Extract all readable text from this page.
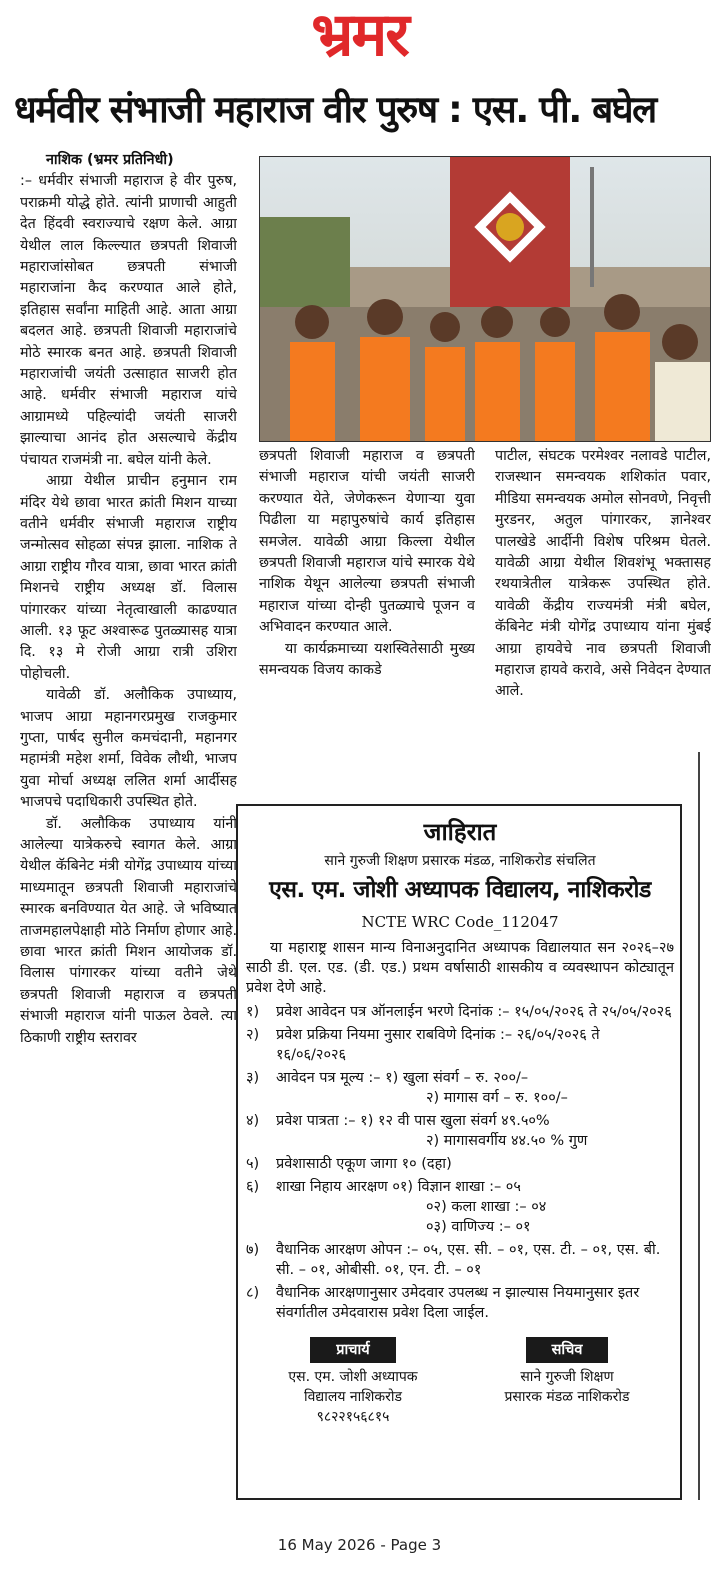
भ्रमर
धर्मवीर संभाजी महाराज वीर पुरुष : एस. पी. बघेल

नाशिक (भ्रमर प्रतिनिधी)

:– धर्मवीर संभाजी महाराज हे वीर पुरुष, पराक्रमी योद्धे होते. त्यांनी प्राणाची आहुती देत हिंदवी स्वराज्याचे रक्षण केले. आग्रा येथील लाल किल्ल्यात छत्रपती शिवाजी महाराजांसोबत छत्रपती संभाजी महाराजांना कैद करण्यात आले होते, इतिहास सर्वांना माहिती आहे. आता आग्रा बदलत आहे. छत्रपती शिवाजी महाराजांचे मोठे स्मारक बनत आहे. छत्रपती शिवाजी महाराजांची जयंती उत्साहात साजरी होत आहे. धर्मवीर संभाजी महाराज यांचे आग्रामध्ये पहिल्यांदी जयंती साजरी झाल्याचा आनंद होत असल्याचे केंद्रीय पंचायत राजमंत्री ना. बघेल यांनी केले.

आग्रा येथील प्राचीन हनुमान राम मंदिर येथे छावा भारत क्रांती मिशन याच्या वतीने धर्मवीर संभाजी महाराज राष्ट्रीय जन्मोत्सव सोहळा संपन्न झाला. नाशिक ते आग्रा राष्ट्रीय गौरव यात्रा, छावा भारत क्रांती मिशनचे राष्ट्रीय अध्यक्ष डॉ. विलास पांगारकर यांच्या नेतृत्वाखाली काढण्यात आली. १३ फूट अश्वारूढ पुतळ्यासह यात्रा दि. १३ मे रोजी आग्रा रात्री उशिरा पोहोचली.

यावेळी डॉ. अलौकिक उपाध्याय, भाजप आग्रा महानगरप्रमुख राजकुमार गुप्ता, पार्षद सुनील कमचंदानी, महानगर महामंत्री महेश शर्मा, विवेक लौथी, भाजप युवा मोर्चा अध्यक्ष ललित शर्मा आर्दीसह भाजपचे पदाधिकारी उपस्थित होते.

डॉ. अलौकिक उपाध्याय यांनी आलेल्या यात्रेकरुचे स्वागत केले. आग्रा येथील कॅबिनेट मंत्री योगेंद्र उपाध्याय यांच्या माध्यमातून छत्रपती शिवाजी महाराजांचे स्मारक बनविण्यात येत आहे. जे भविष्यात ताजमहालपेक्षाही मोठे निर्माण होणार आहे. छावा भारत क्रांती मिशन आयोजक डॉ. विलास पांगारकर यांच्या वतीने जेथे छत्रपती शिवाजी महाराज व छत्रपती संभाजी महाराज यांनी पाऊल ठेवले. त्या ठिकाणी राष्ट्रीय स्तरावर

छत्रपती शिवाजी महाराज व छत्रपती संभाजी महाराज यांची जयंती साजरी करण्यात येते, जेणेकरून येणाऱ्या युवा पिढीला या महापुरुषांचे कार्य इतिहास समजेल. यावेळी आग्रा किल्ला येथील छत्रपती शिवाजी महाराज यांचे स्मारक येथे नाशिक येथून आलेल्या छत्रपती संभाजी महाराज यांच्या दोन्ही पुतळ्याचे पूजन व अभिवादन करण्यात आले.

या कार्यक्रमाच्या यशस्वितेसाठी मुख्य समन्वयक विजय काकडे

पाटील, संघटक परमेश्वर नलावडे पाटील, राजस्थान समन्वयक शशिकांत पवार, मीडिया समन्वयक अमोल सोनवणे, निवृत्ती मुरडनर, अतुल पांगारकर, ज्ञानेश्वर पालखेडे आर्दीनी विशेष परिश्रम घेतले. यावेळी आग्रा येथील शिवशंभू भक्तासह रथयात्रेतील यात्रेकरू उपस्थित होते. यावेळी केंद्रीय राज्यमंत्री मंत्री बघेल, कॅबिनेट मंत्री योगेंद्र उपाध्याय यांना मुंबई आग्रा हायवेचे नाव छत्रपती शिवाजी महाराज हायवे करावे, असे निवेदन देण्यात आले.

जाहिरात
साने गुरुजी शिक्षण प्रसारक मंडळ, नाशिकरोड संचलित
एस. एम. जोशी अध्यापक विद्यालय, नाशिकरोड
NCTE WRC Code_112047
या महाराष्ट्र शासन मान्य विनाअनुदानित अध्यापक विद्यालयात सन २०२६–२७ साठी डी. एल. एड. (डी. एड.) प्रथम वर्षासाठी शासकीय व व्यवस्थापन कोट्यातून प्रवेश देणे आहे.
१)	प्रवेश आवेदन पत्र ऑनलाईन भरणे दिनांक :– १५/०५/२०२६ ते २५/०५/२०२६
२)	प्रवेश प्रक्रिया नियमा नुसार राबविणे दिनांक :– २६/०५/२०२६ ते १६/०६/२०२६
३)	आवेदन पत्र मूल्य :– १) खुला संवर्ग – रु. २००/–
२) मागास वर्ग – रु. १००/–
४)	प्रवेश पात्रता :– १) १२ वी पास खुला संवर्ग ४९.५०%
२) मागासवर्गीय ४४.५० % गुण
५)	प्रवेशासाठी एकूण जागा १० (दहा)
६)	शाखा निहाय आरक्षण ०१) विज्ञान शाखा :– ०५
०२) कला शाखा :– ०४
०३) वाणिज्य :– ०१
७)	वैधानिक आरक्षण ओपन :– ०५, एस. सी. – ०१, एस. टी. – ०१, एस. बी. सी. – ०१, ओबीसी. ०१, एन. टी. – ०१
८)	वैधानिक आरक्षणानुसार उमेदवार उपलब्ध न झाल्यास नियमानुसार इतर संवर्गातील उमेदवारास प्रवेश दिला जाईल.
प्राचार्य
एस. एम. जोशी अध्यापक
विद्यालय नाशिकरोड
९८२२१५६८१५
सचिव
साने गुरुजी शिक्षण
प्रसारक मंडळ नाशिकरोड
16 May 2026 - Page 3
